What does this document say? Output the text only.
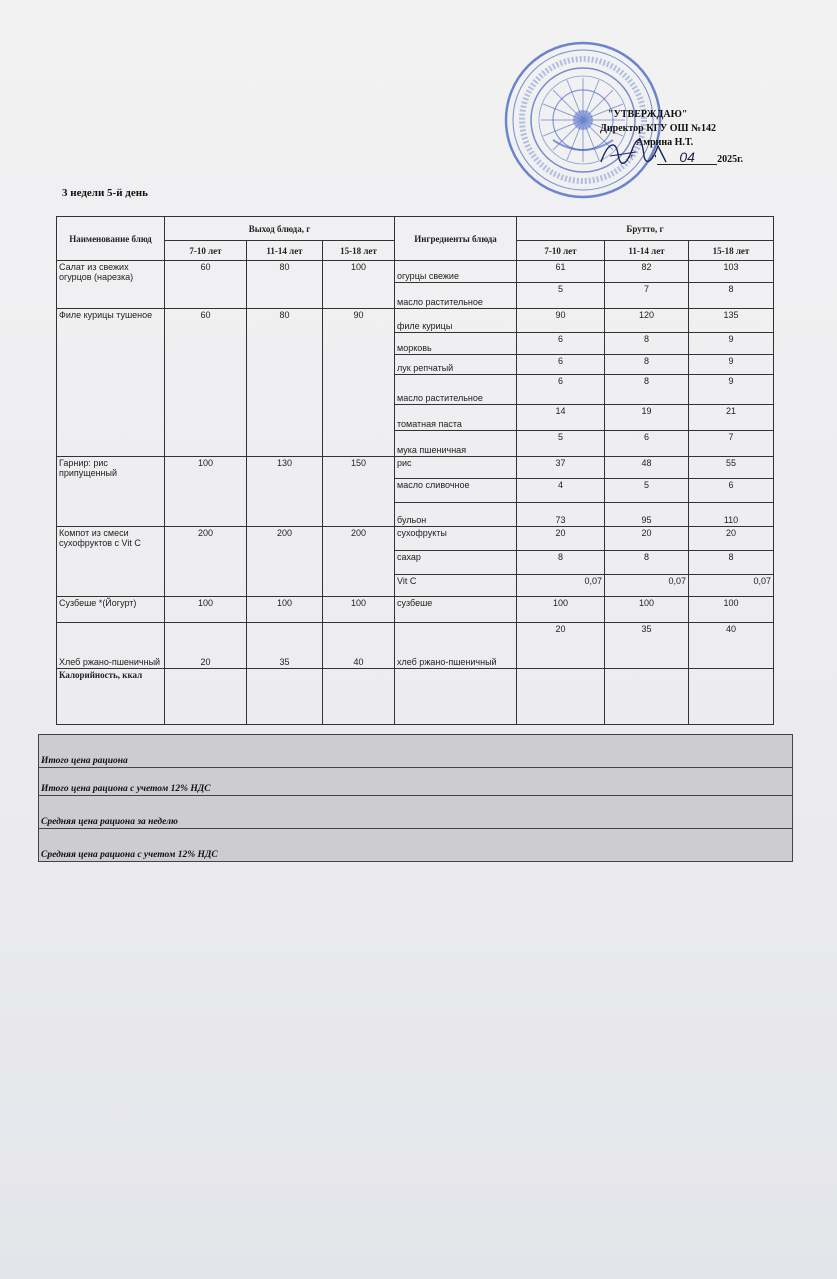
"УТВЕРЖДАЮ"
Директор КГУ ОШ №142
Амрина Н.Т.
" " 04 2025г.
3 недели 5-й день
Наименование блюд	Выход блюда, г			Ингредиенты блюда	Брутто, г		
	7-10 лет	11-14 лет	15-18 лет		7-10 лет	11-14 лет	15-18 лет
Салат из свежих огурцов (нарезка)	60	80	100	огурцы свежие	61	82	103
				масло растительное	5	7	8
Филе курицы тушеное	60	80	90	филе курицы	90	120	135
				морковь	6	8	9
				лук репчатый	6	8	9
				масло растительное	6	8	9
				томатная паста	14	19	21
				мука пшеничная	5	6	7
Гарнир: рис припущенный	100	130	150	рис	37	48	55
				масло сливочное	4	5	6
				бульон	73	95	110
Компот из смеси сухофруктов с Vit C	200	200	200	сухофрукты	20	20	20
				сахар	8	8	8
				Vit C	0,07	0,07	0,07
Сузбеше *(Йогурт)	100	100	100	сузбеше	100	100	100
Хлеб ржано-пшеничный	20	35	40	хлеб ржано-пшеничный	20	35	40
Калорийность, ккал							
Итого цена рациона
Итого цена рациона с учетом 12% НДС
Средняя цена рациона за неделю
Средняя цена рациона с учетом 12% НДС
